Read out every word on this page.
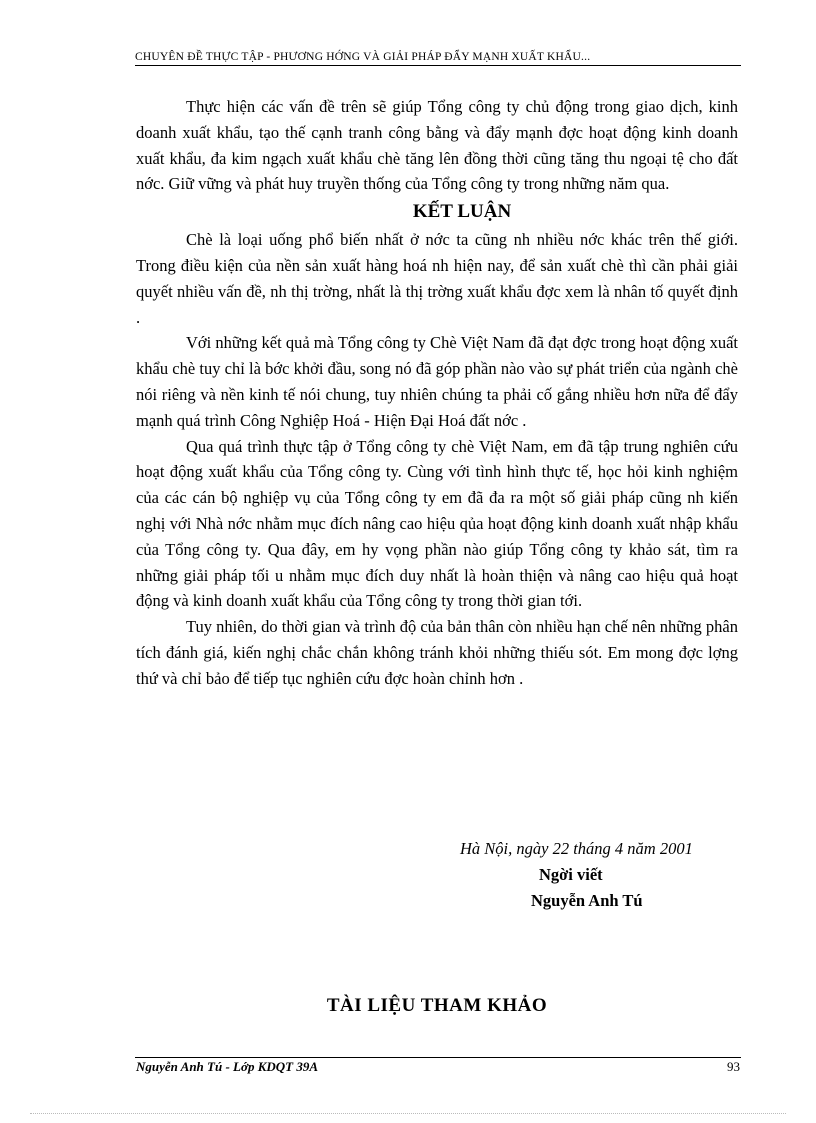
CHUYÊN ĐỀ THỰC TẬP - PHƯƠNG HỚNG VÀ GIẢI PHÁP ĐẨY MẠNH XUẤT KHẨU...

Thực hiện các vấn đề trên sẽ giúp Tổng công ty chủ động trong giao dịch, kinh doanh xuất khẩu, tạo thế cạnh tranh công bằng và đẩy mạnh đợc hoạt động kinh doanh xuất khẩu, đa kim ngạch xuất khẩu chè tăng lên đồng thời cũng tăng thu ngoại tệ cho đất nớc. Giữ vững và phát huy truyền thống của Tổng công ty trong những năm qua.

KẾT LUẬN

Chè là loại uống phổ biến nhất ở nớc ta cũng nh nhiều nớc khác trên thế giới. Trong điều kiện của nền sản xuất hàng hoá nh hiện nay, để sản xuất chè thì cần phải giải quyết nhiều vấn đề, nh thị trờng, nhất là thị trờng xuất khẩu đợc xem là nhân tố quyết định .

Với những kết quả mà Tổng công ty Chè Việt Nam đã đạt đợc trong hoạt động xuất khẩu chè tuy chỉ là bớc khởi đầu, song nó đã góp phần nào vào sự phát triển của ngành chè nói riêng và nền kinh tế nói chung, tuy nhiên chúng ta phải cố gắng nhiều hơn nữa để đẩy mạnh quá trình Công Nghiệp Hoá - Hiện Đại Hoá đất nớc .

Qua quá trình thực tập ở Tổng công ty chè Việt Nam, em đã tập trung nghiên cứu hoạt động xuất khẩu của Tổng công ty. Cùng với tình hình thực tế, học hỏi kinh nghiệm của các cán bộ nghiệp vụ của Tổng công ty em đã đa ra một số giải pháp cũng nh kiến nghị với Nhà nớc nhằm mục đích nâng cao hiệu qủa hoạt động kinh doanh xuất nhập khẩu của Tổng công ty. Qua đây, em hy vọng phần nào giúp Tổng công ty khảo sát, tìm ra những giải pháp tối u nhằm mục đích duy nhất là hoàn thiện và nâng cao hiệu quả hoạt động và kinh doanh xuất khẩu của Tổng công ty trong thời gian tới.

Tuy nhiên, do thời gian và trình độ của bản thân còn nhiều hạn chế nên những phân tích đánh giá, kiến nghị chắc chắn không tránh khỏi những thiếu sót. Em mong đợc lợng thứ và chỉ bảo để tiếp tục nghiên cứu đợc hoàn chỉnh hơn .

Hà Nội, ngày 22 tháng 4 năm 2001
Ngời viết
Nguyễn Anh Tú
TÀI LIỆU THAM KHẢO
Nguyễn Anh Tú - Lớp KDQT 39A	93
